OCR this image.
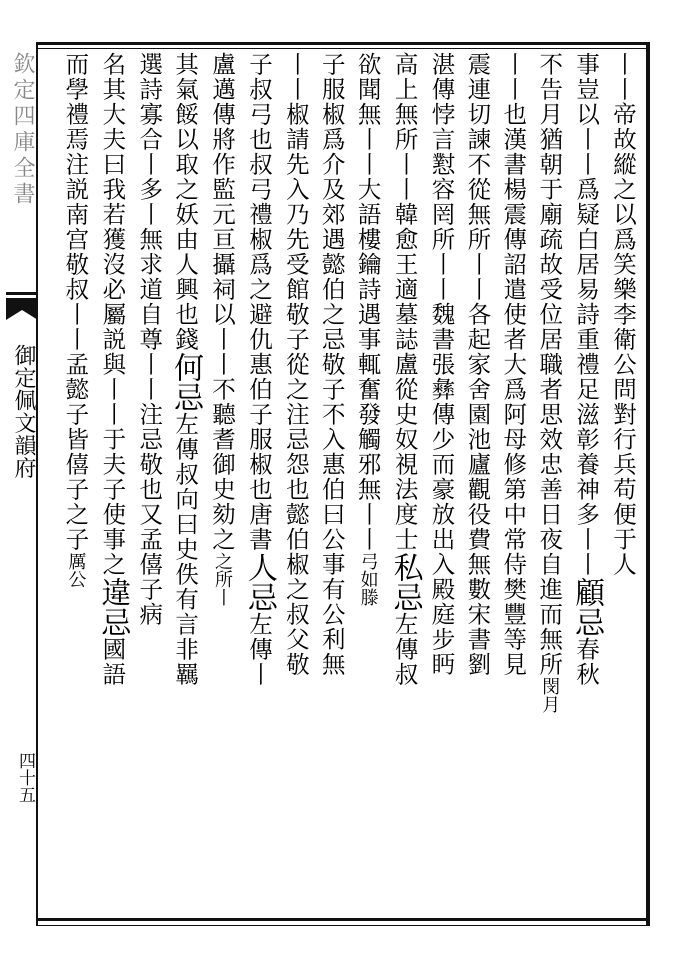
丨丨帝故縱之以爲笑樂李衛公問對行兵苟便于人
事豈以丨丨爲疑白居易詩重禮足滋彰養神多丨丨顧忌春秋
不告月猶朝于廟疏故受位居職者思效忠善日夜自進而無所閔月
丨丨也漢書楊震傳詔遣使者大爲阿母修第中常侍樊豐等見
震連切諫不從無所丨丨各起家舍園池廬觀役費無數宋書劉
湛傳悖言懟容罔所丨丨魏書張彝傳少而豪放出入殿庭步眄
高上無所丨丨韓愈王適墓誌盧從史奴視法度士私忌左傳叔
欲聞無丨丨大語樓鑰詩遇事輒奮發觸邪無丨丨弓如滕
子服椒爲介及郊遇懿伯之忌敬子不入惠伯曰公事有公利無
丨丨椒請先入乃先受館敬子從之注忌怨也懿伯椒之叔父敬
子叔弓也叔弓禮椒爲之避仇惠伯子服椒也唐書人忌左傳丨
盧邁傳將作監元亘攝祠以丨丨不聽耆御史劾之之所丨
其氣餒以取之妖由人興也錢何忌左傳叔向曰史佚有言非羈
選詩寡合丨多丨無求道自尊丨丨注忌敬也又孟僖子病
名其大夫曰我若獲沒必屬説與丨丨于夫子使事之違忌國語
而學禮焉注説南宫敬叔丨丨孟懿子皆僖子之子厲公
欽定四庫全書
御定佩文韻府
四十五
